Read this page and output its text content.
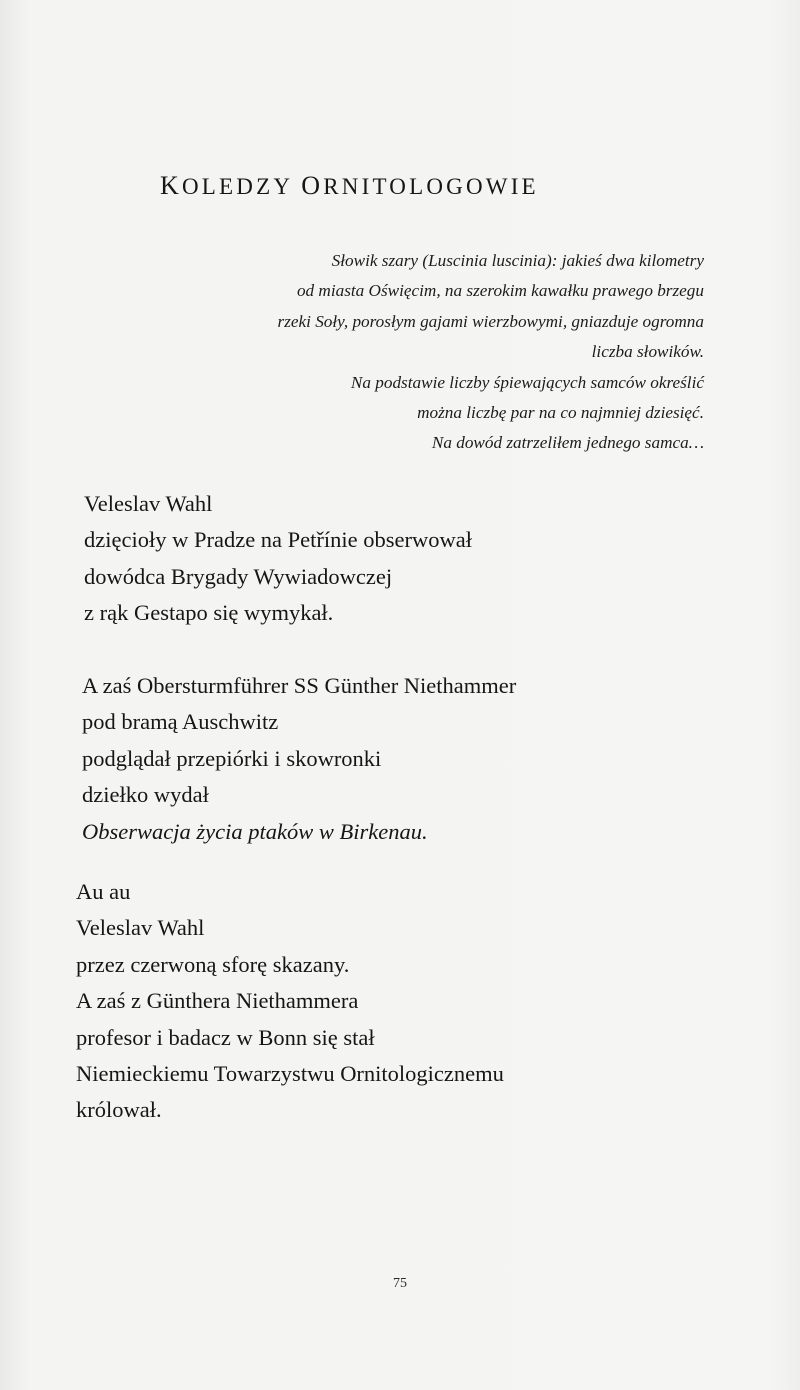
KOLEDZY ORNITOLOGOWIE
Słowik szary (Luscinia luscinia): jakieś dwa kilometry
od miasta Oświęcim, na szerokim kawałku prawego brzegu
rzeki Soły, porosłym gajami wierzbowymi, gniazduje ogromna
liczba słowików.
Na podstawie liczby śpiewających samców określić
można liczbę par na co najmniej dziesięć.
Na dowód zatrzeliłem jednego samca…
Veleslav Wahl
dzięcioły w Pradze na Petřínie obserwował
dowódca Brygady Wywiadowczej
z rąk Gestapo się wymykał.
A zaś Obersturmführer SS Günther Niethammer
pod bramą Auschwitz
podglądał przepiórki i skowronki
dziełko wydał
Obserwacja życia ptaków w Birkenau.
Au au
Veleslav Wahl
przez czerwoną sforę skazany.
A zaś z Günthera Niethammera
profesor i badacz w Bonn się stał
Niemieckiemu Towarzystwu Ornitologicznemu
królował.
75
